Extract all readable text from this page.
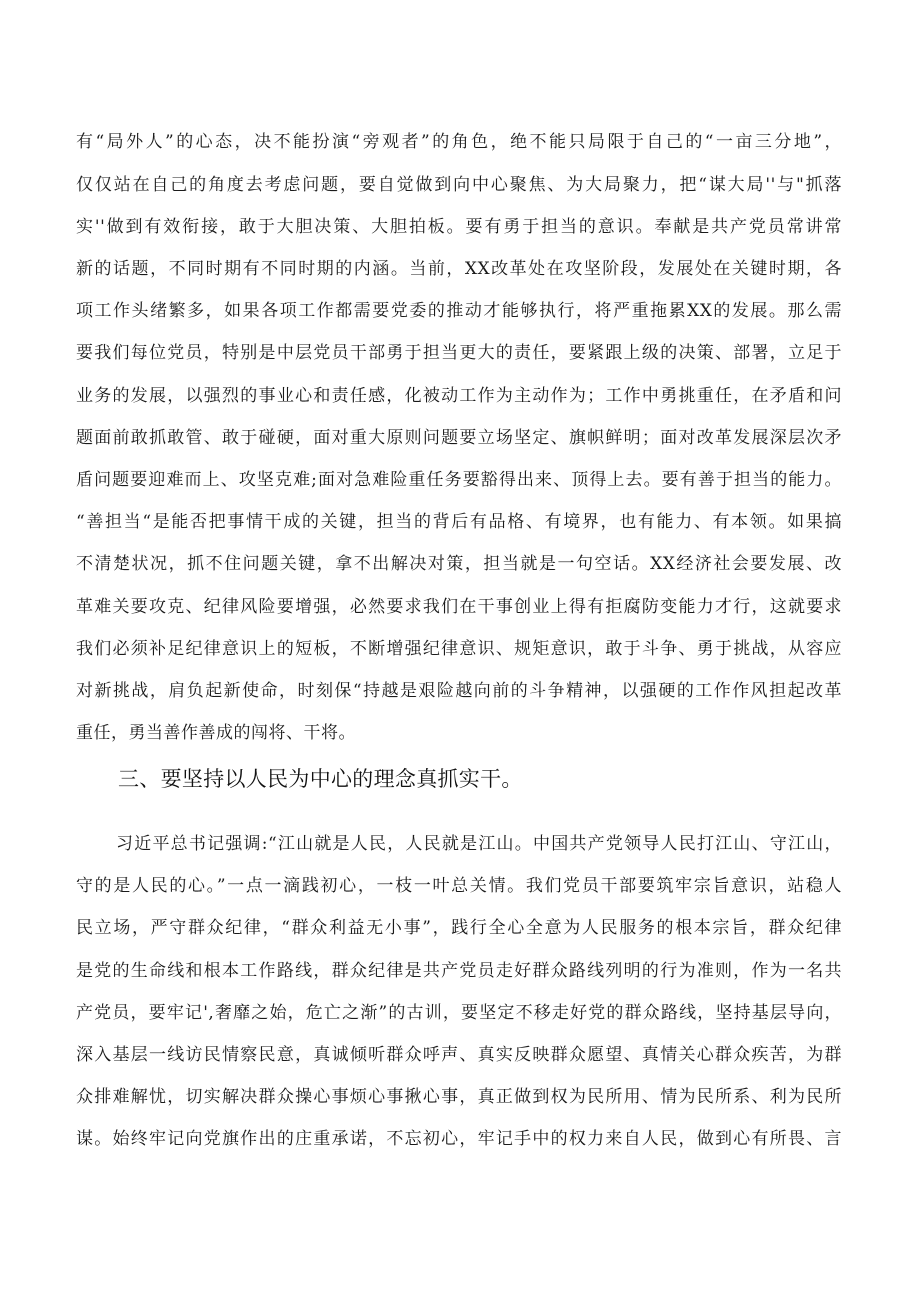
有“局外人”的心态，决不能扮演“旁观者”的角色，绝不能只局限于自己的“一亩三分地”，
仅仅站在自己的角度去考虑问题，要自觉做到向中心聚焦、为大局聚力，把“谋大局''与"抓落
实''做到有效衔接，敢于大胆决策、大胆拍板。要有勇于担当的意识。奉献是共产党员常讲常
新的话题，不同时期有不同时期的内涵。当前，XX改革处在攻坚阶段，发展处在关键时期，各
项工作头绪繁多，如果各项工作都需要党委的推动才能够执行，将严重拖累XX的发展。那么需
要我们每位党员，特别是中层党员干部勇于担当更大的责任，要紧跟上级的决策、部署，立足于
业务的发展，以强烈的事业心和责任感，化被动工作为主动作为；工作中勇挑重任，在矛盾和问
题面前敢抓敢管、敢于碰硬，面对重大原则问题要立场坚定、旗帜鲜明；面对改革发展深层次矛
盾问题要迎难而上、攻坚克难;面对急难险重任务要豁得出来、顶得上去。要有善于担当的能力。
“善担当“是能否把事情干成的关键，担当的背后有品格、有境界，也有能力、有本领。如果搞
不清楚状况，抓不住问题关键，拿不出解决对策，担当就是一句空话。XX经济社会要发展、改
革难关要攻克、纪律风险要增强，必然要求我们在干事创业上得有拒腐防变能力才行，这就要求
我们必须补足纪律意识上的短板，不断增强纪律意识、规矩意识，敢于斗争、勇于挑战，从容应
对新挑战，肩负起新使命，时刻保“持越是艰险越向前的斗争精神，以强硬的工作作风担起改革
重任，勇当善作善成的闯将、干将。
三、要坚持以人民为中心的理念真抓实干。
习近平总书记强调:“江山就是人民，人民就是江山。中国共产党领导人民打江山、守江山，
守的是人民的心。”一点一滴践初心，一枝一叶总关情。我们党员干部要筑牢宗旨意识，站稳人
民立场，严守群众纪律，“群众利益无小事”，践行全心全意为人民服务的根本宗旨，群众纪律
是党的生命线和根本工作路线，群众纪律是共产党员走好群众路线列明的行为准则，作为一名共
产党员，要牢记',奢靡之始，危亡之渐”的古训，要坚定不移走好党的群众路线，坚持基层导向，
深入基层一线访民情察民意，真诚倾听群众呼声、真实反映群众愿望、真情关心群众疾苦，为群
众排难解忧，切实解决群众操心事烦心事揪心事，真正做到权为民所用、情为民所系、利为民所
谋。始终牢记向党旗作出的庄重承诺，不忘初心，牢记手中的权力来自人民，做到心有所畏、言
